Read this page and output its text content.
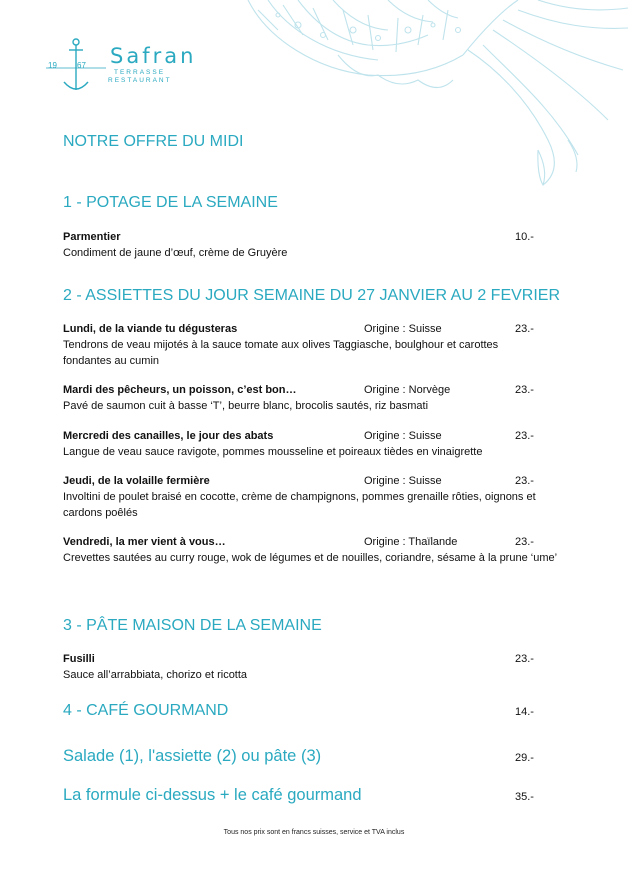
Safran
TERRASSE
RESTAURANT
19	67
NOTRE OFFRE DU MIDI
1 - POTAGE DE LA SEMAINE
Parmentier	10.-
Condiment de jaune d’œuf, crème de Gruyère
2 - ASSIETTES DU JOUR SEMAINE DU 27 JANVIER AU 2 FEVRIER
Lundi, de la viande tu dégusteras	Origine : Suisse	23.-
Tendrons de veau mijotés à la sauce tomate aux olives Taggiasche, boulghour et carottes fondantes au cumin
Mardi des pêcheurs, un poisson, c’est bon…	Origine : Norvège	23.-
Pavé de saumon cuit à basse ‘T’, beurre blanc, brocolis sautés, riz basmati
Mercredi des canailles, le jour des abats	Origine : Suisse	23.-
Langue de veau sauce ravigote, pommes mousseline et poireaux tièdes en vinaigrette
Jeudi, de la volaille fermière	Origine : Suisse	23.-
Involtini de poulet braisé en cocotte, crème de champignons, pommes grenaille rôties, oignons et cardons poêlés
Vendredi, la mer vient à vous…	Origine : Thaïlande	23.-
Crevettes sautées au curry rouge, wok de légumes et de nouilles, coriandre, sésame à la prune ‘ume’
3 - PÂTE MAISON DE LA SEMAINE
Fusilli	23.-
Sauce all’arrabbiata, chorizo et ricotta
4 - CAFÉ GOURMAND	14.-
Salade (1), l'assiette (2) ou pâte (3)	29.-
La formule ci-dessus + le café gourmand	35.-
Tous nos prix sont en francs suisses, service et TVA inclus
